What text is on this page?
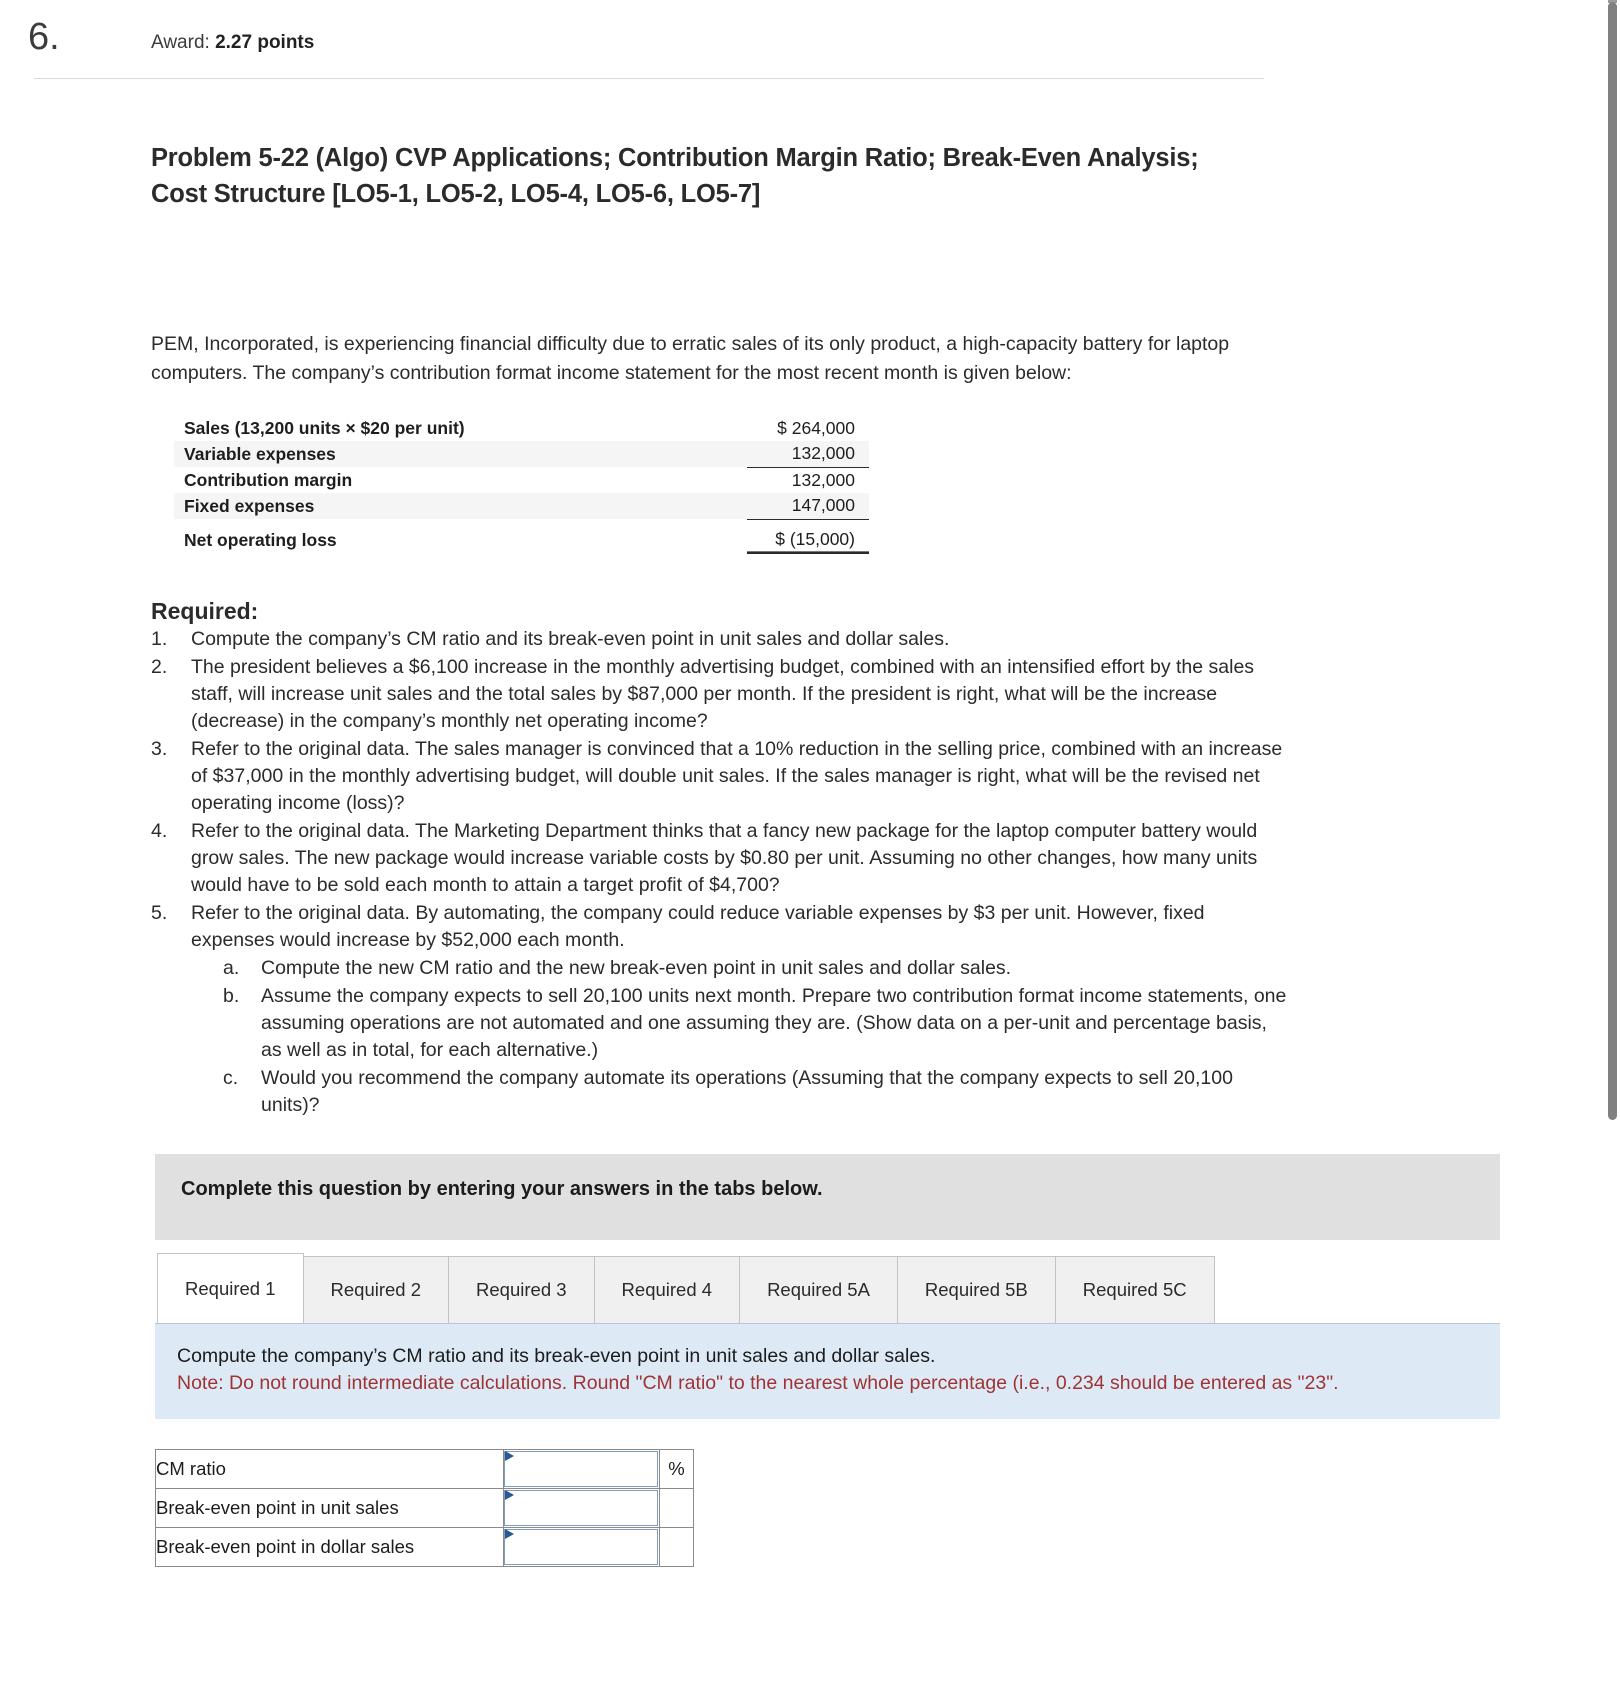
6.	Award: 2.27 points
Problem 5-22 (Algo) CVP Applications; Contribution Margin Ratio; Break-Even Analysis; Cost Structure [LO5-1, LO5-2, LO5-4, LO5-6, LO5-7]

PEM, Incorporated, is experiencing financial difficulty due to erratic sales of its only product, a high-capacity battery for laptop computers. The company’s contribution format income statement for the most recent month is given below:

Sales (13,200 units × $20 per unit)		$ 264,000
Variable expenses		132,000
Contribution margin		132,000
Fixed expenses		147,000

Net operating loss		$ (15,000)
Required:
1.	Compute the company’s CM ratio and its break-even point in unit sales and dollar sales.
2.	The president believes a $6,100 increase in the monthly advertising budget, combined with an intensified effort by the sales staff, will increase unit sales and the total sales by $87,000 per month. If the president is right, what will be the increase (decrease) in the company’s monthly net operating income?
3.	Refer to the original data. The sales manager is convinced that a 10% reduction in the selling price, combined with an increase of $37,000 in the monthly advertising budget, will double unit sales. If the sales manager is right, what will be the revised net operating income (loss)?
4.	Refer to the original data. The Marketing Department thinks that a fancy new package for the laptop computer battery would grow sales. The new package would increase variable costs by $0.80 per unit. Assuming no other changes, how many units would have to be sold each month to attain a target profit of $4,700?
5.	Refer to the original data. By automating, the company could reduce variable expenses by $3 per unit. However, fixed expenses would increase by $52,000 each month.
a.	Compute the new CM ratio and the new break-even point in unit sales and dollar sales.
b.	Assume the company expects to sell 20,100 units next month. Prepare two contribution format income statements, one assuming operations are not automated and one assuming they are. (Show data on a per-unit and percentage basis, as well as in total, for each alternative.)
c.	Would you recommend the company automate its operations (Assuming that the company expects to sell 20,100 units)?
Complete this question by entering your answers in the tabs below.
Required 1	Required 2	Required 3	Required 4	Required 5A	Required 5B	Required 5C
Compute the company’s CM ratio and its break-even point in unit sales and dollar sales.
Note: Do not round intermediate calculations. Round "CM ratio" to the nearest whole percentage (i.e., 0.234 should be entered as "23".
CM ratio		%
Break-even point in unit sales	

Break-even point in dollar sales	
